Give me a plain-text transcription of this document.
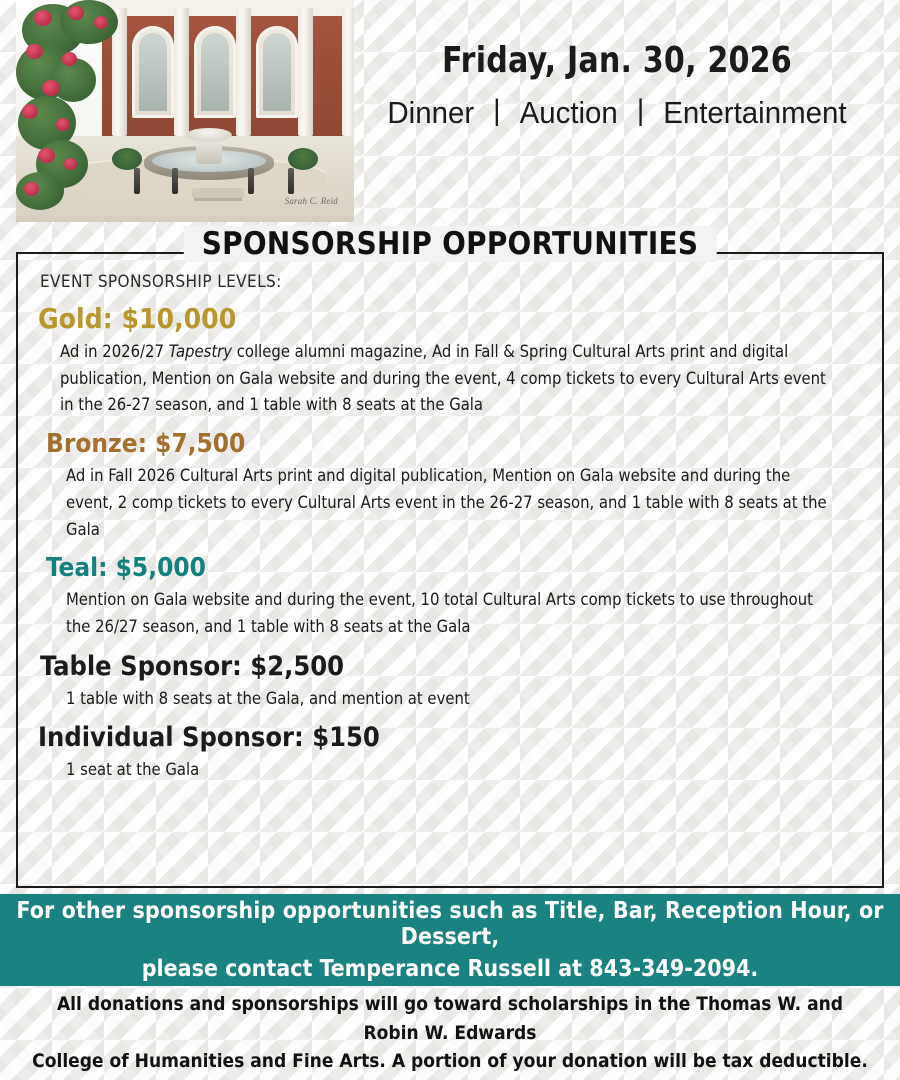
Sarah C. Reid
Friday, Jan. 30, 2026
Dinner | Auction | Entertainment
SPONSORSHIP OPPORTUNITIES
EVENT SPONSORSHIP LEVELS:
Gold: $10,000
Ad in 2026/27 Tapestry college alumni magazine, Ad in Fall & Spring Cultural Arts print and digital publication, Mention on Gala website and during the event, 4 comp tickets to every Cultural Arts event in the 26-27 season, and 1 table with 8 seats at the Gala
Bronze: $7,500
Ad in Fall 2026 Cultural Arts print and digital publication, Mention on Gala website and during the event, 2 comp tickets to every Cultural Arts event in the 26-27 season, and 1 table with 8 seats at the Gala
Teal: $5,000
Mention on Gala website and during the event, 10 total Cultural Arts comp tickets to use throughout the 26/27 season, and 1 table with 8 seats at the Gala
Table Sponsor: $2,500
1 table with 8 seats at the Gala, and mention at event
Individual Sponsor: $150
1 seat at the Gala
For other sponsorship opportunities such as Title, Bar, Reception Hour, or Dessert,
please contact Temperance Russell at 843-349-2094.
All donations and sponsorships will go toward scholarships in the Thomas W. and Robin W. Edwards
College of Humanities and Fine Arts. A portion of your donation will be tax deductible.
